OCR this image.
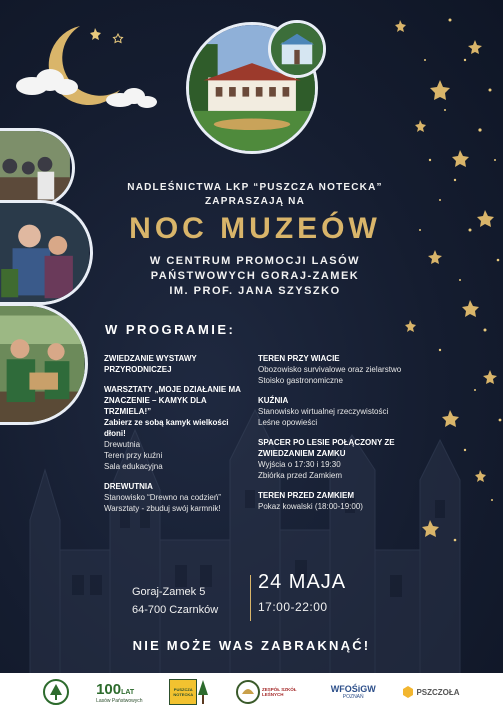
NADLEŚNICTWA LKP “PUSZCZA NOTECKA”
ZAPRASZAJĄ NA
NOC MUZEÓW
W CENTRUM PROMOCJI LASÓW
PAŃSTWOWYCH GORAJ-ZAMEK
IM. PROF. JANA SZYSZKO
W PROGRAMIE:
ZWIEDZANIE WYSTAWY PRZYRODNICZEJ
WARSZTATY „MOJE DZIAŁANIE MA ZNACZENIE – KAMYK DLA TRZMIELA!”
Zabierz ze sobą kamyk wielkości dłoni!
Drewutnia
Teren przy kuźni
Sala edukacyjna
DREWUTNIA
Stanowisko “Drewno na codzień”
Warsztaty - zbuduj swój karmnik!
TEREN PRZY WIACIE
Obozowisko survivalowe oraz zielarstwo
Stoisko gastronomiczne
KUŹNIA
Stanowisko wirtualnej rzeczywistości
Leśne opowieści
SPACER PO LESIE POŁĄCZONY ZE ZWIEDZANIEM ZAMKU
Wyjścia o 17:30 i 19:30
Zbiórka przed Zamkiem
TEREN PRZED ZAMKIEM
Pokaz kowalski (18:00-19:00)
Goraj-Zamek 5
64-700 Czarnków
24 MAJA
17:00-22:00
NIE MOŻE WAS ZABRAKNĄĆ!
100LAT
Lasów Państwowych
PUSZCZA NOTECKA
ZESPÓŁ SZKÓŁ LEŚNYCH
WFOŚiGW
POZNAŃ
PSZCZOŁA
